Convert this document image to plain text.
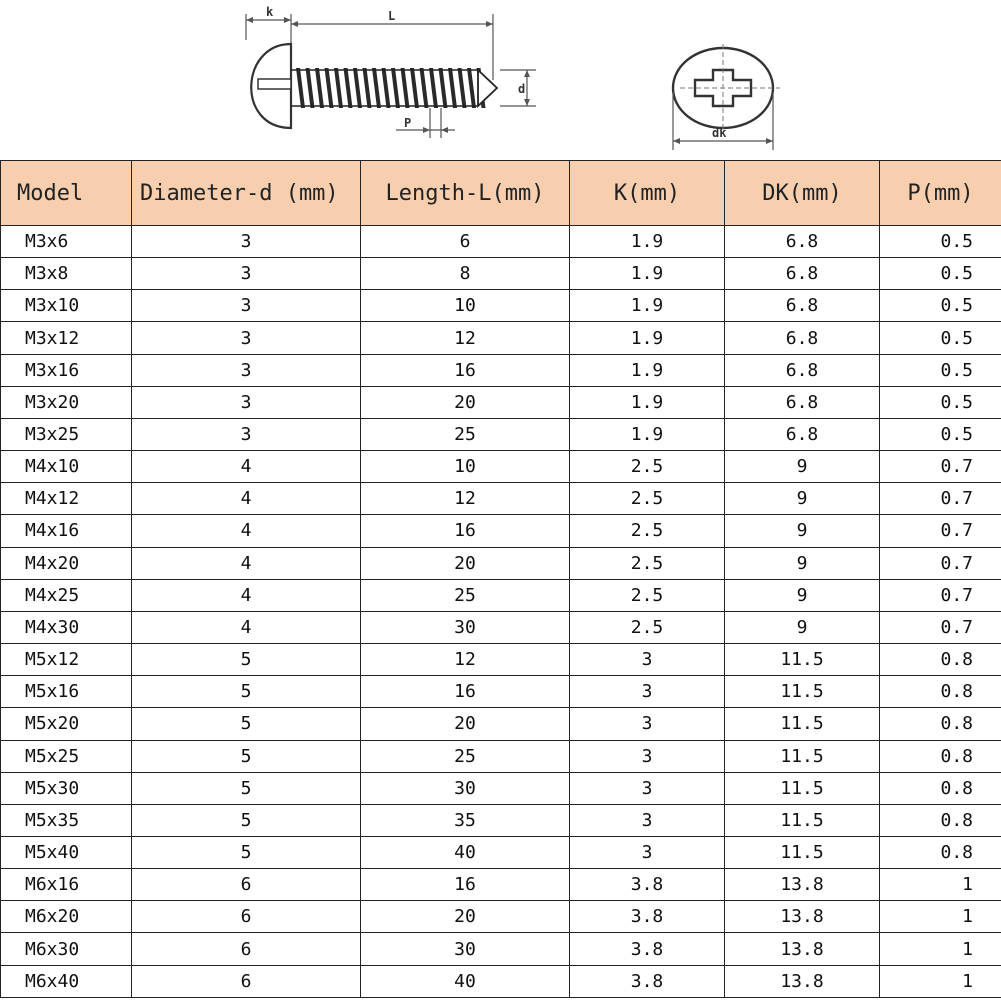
k	L
d
P
dk
Model	Diameter-d (mm)	Length-L(mm)	K(mm)	DK(mm)	P(mm)
M3x6	3	6	1.9	6.8	0.5
M3x8	3	8	1.9	6.8	0.5
M3x10	3	10	1.9	6.8	0.5
M3x12	3	12	1.9	6.8	0.5
M3x16	3	16	1.9	6.8	0.5
M3x20	3	20	1.9	6.8	0.5
M3x25	3	25	1.9	6.8	0.5
M4x10	4	10	2.5	9	0.7
M4x12	4	12	2.5	9	0.7
M4x16	4	16	2.5	9	0.7
M4x20	4	20	2.5	9	0.7
M4x25	4	25	2.5	9	0.7
M4x30	4	30	2.5	9	0.7
M5x12	5	12	3	11.5	0.8
M5x16	5	16	3	11.5	0.8
M5x20	5	20	3	11.5	0.8
M5x25	5	25	3	11.5	0.8
M5x30	5	30	3	11.5	0.8
M5x35	5	35	3	11.5	0.8
M5x40	5	40	3	11.5	0.8
M6x16	6	16	3.8	13.8	1
M6x20	6	20	3.8	13.8	1
M6x30	6	30	3.8	13.8	1
M6x40	6	40	3.8	13.8	1
